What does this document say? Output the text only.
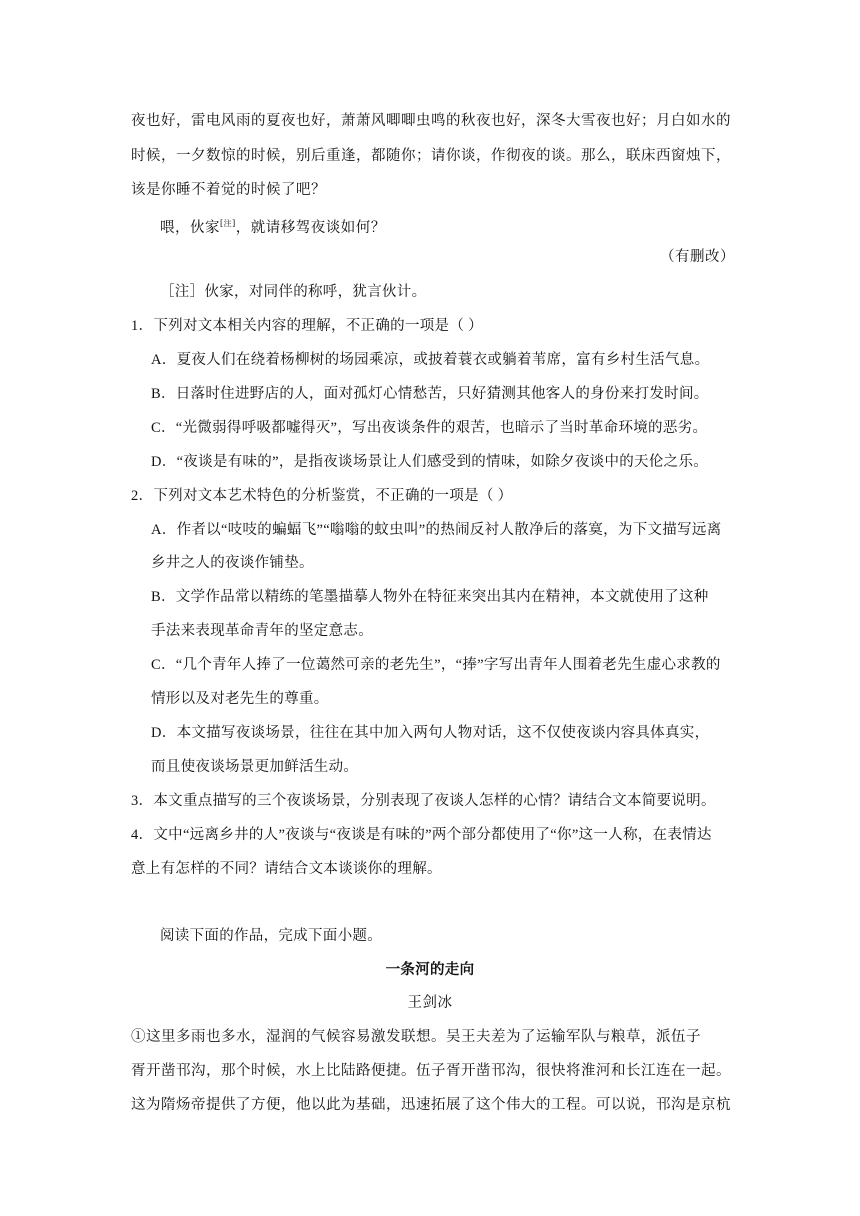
夜也好，雷电风雨的夏夜也好，萧萧风唧唧虫鸣的秋夜也好，深冬大雪夜也好；月白如水的
时候，一夕数惊的时候，别后重逢，都随你；请你谈，作彻夜的谈。那么，联床西窗烛下，
该是你睡不着觉的时候了吧？
喂，伙家[注]，就请移驾夜谈如何？
（有删改）
［注］伙家，对同伴的称呼，犹言伙计。
1．下列对文本相关内容的理解，不正确的一项是（ ）
A．夏夜人们在绕着杨柳树的场园乘凉，或披着蓑衣或躺着苇席，富有乡村生活气息。
B．日落时住进野店的人，面对孤灯心情愁苦，只好猜测其他客人的身份来打发时间。
C．“光微弱得呼吸都嘘得灭”，写出夜谈条件的艰苦，也暗示了当时革命环境的恶劣。
D．“夜谈是有味的”，是指夜谈场景让人们感受到的情味，如除夕夜谈中的天伦之乐。
2．下列对文本艺术特色的分析鉴赏，不正确的一项是（ ）
A．作者以“吱吱的蝙蝠飞”“嗡嗡的蚊虫叫”的热闹反衬人散净后的落寞，为下文描写远离
乡井之人的夜谈作铺垫。
B．文学作品常以精练的笔墨描摹人物外在特征来突出其内在精神，本文就使用了这种
手法来表现革命青年的坚定意志。
C．“几个青年人捧了一位蔼然可亲的老先生”，“捧”字写出青年人围着老先生虚心求教的
情形以及对老先生的尊重。
D．本文描写夜谈场景，往往在其中加入两句人物对话，这不仅使夜谈内容具体真实，
而且使夜谈场景更加鲜活生动。
3．本文重点描写的三个夜谈场景，分别表现了夜谈人怎样的心情？请结合文本简要说明。
4．文中“远离乡井的人”夜谈与“夜谈是有味的”两个部分都使用了“你”这一人称，在表情达
意上有怎样的不同？请结合文本谈谈你的理解。
阅读下面的作品，完成下面小题。
一条河的走向
王剑冰
①这里多雨也多水，湿润的气候容易激发联想。吴王夫差为了运输军队与粮草，派伍子
胥开凿邗沟，那个时候，水上比陆路便捷。伍子胥开凿邗沟，很快将淮河和长江连在一起。
这为隋炀帝提供了方便，他以此为基础，迅速拓展了这个伟大的工程。可以说，邗沟是京杭
